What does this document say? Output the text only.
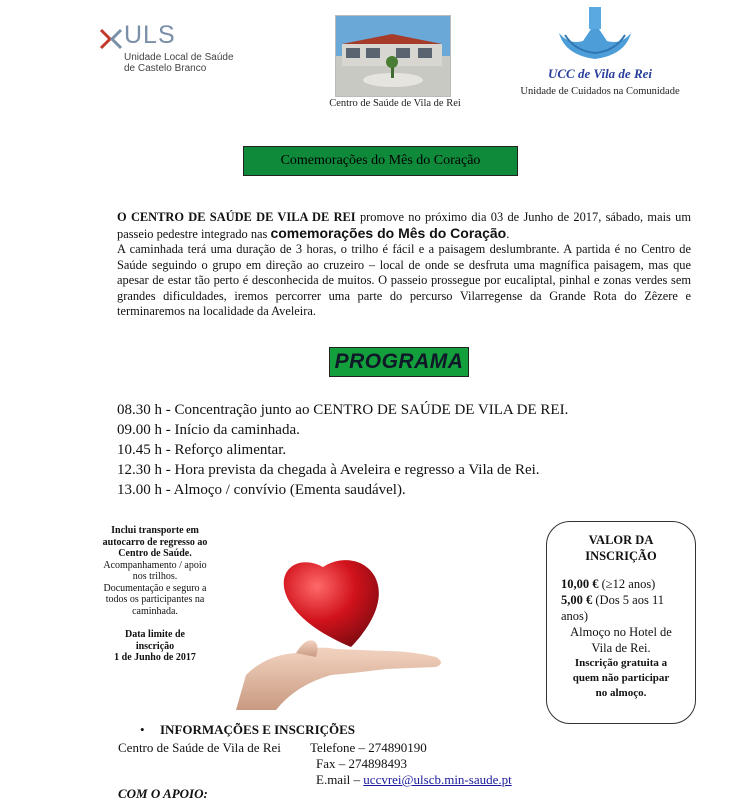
ULS
Unidade Local de Saúde
de Castelo Branco
Centro de Saúde de Vila de Rei
UCC de Vila de Rei
Unidade de Cuidados na Comunidade
Comemorações do Mês do Coração
O CENTRO DE SAÚDE DE VILA DE REI promove no próximo dia 03 de Junho de 2017, sábado, mais um passeio pedestre integrado nas comemorações do Mês do Coração.
A caminhada terá uma duração de 3 horas, o trilho é fácil e a paisagem deslumbrante. A partida é no Centro de Saúde seguindo o grupo em direção ao cruzeiro – local de onde se desfruta uma magnífica paisagem, mas que apesar de estar tão perto é desconhecida de muitos. O passeio prossegue por eucaliptal, pinhal e zonas verdes sem grandes dificuldades, iremos percorrer uma parte do percurso Vilarregense da Grande Rota do Zêzere e terminaremos na localidade da Aveleira.
PROGRAMA
08.30 h - Concentração junto ao CENTRO DE SAÚDE DE VILA DE REI.
09.00 h - Início da caminhada.
10.45 h - Reforço alimentar.
12.30 h - Hora prevista da chegada à Aveleira e regresso a Vila de Rei.
13.00 h - Almoço / convívio (Ementa saudável).
Inclui transporte em
autocarro de regresso ao
Centro de Saúde.
Acompanhamento / apoio
nos trilhos.
Documentação e seguro a
todos os participantes na
caminhada.
Data limite de
inscrição
1 de Junho de 2017
VALOR DA
INSCRIÇÃO
10,00 € (≥12 anos)
5,00 € (Dos 5 aos 11 anos)
Almoço no Hotel de Vila de Rei.
Inscrição gratuita a
quem não participar
no almoço.
• INFORMAÇÕES E INSCRIÇÕES
Centro de Saúde de Vila de Rei Telefone – 274890190
Fax – 274898493
E.mail – uccvrei@ulscb.min-saude.pt
COM O APOIO:
